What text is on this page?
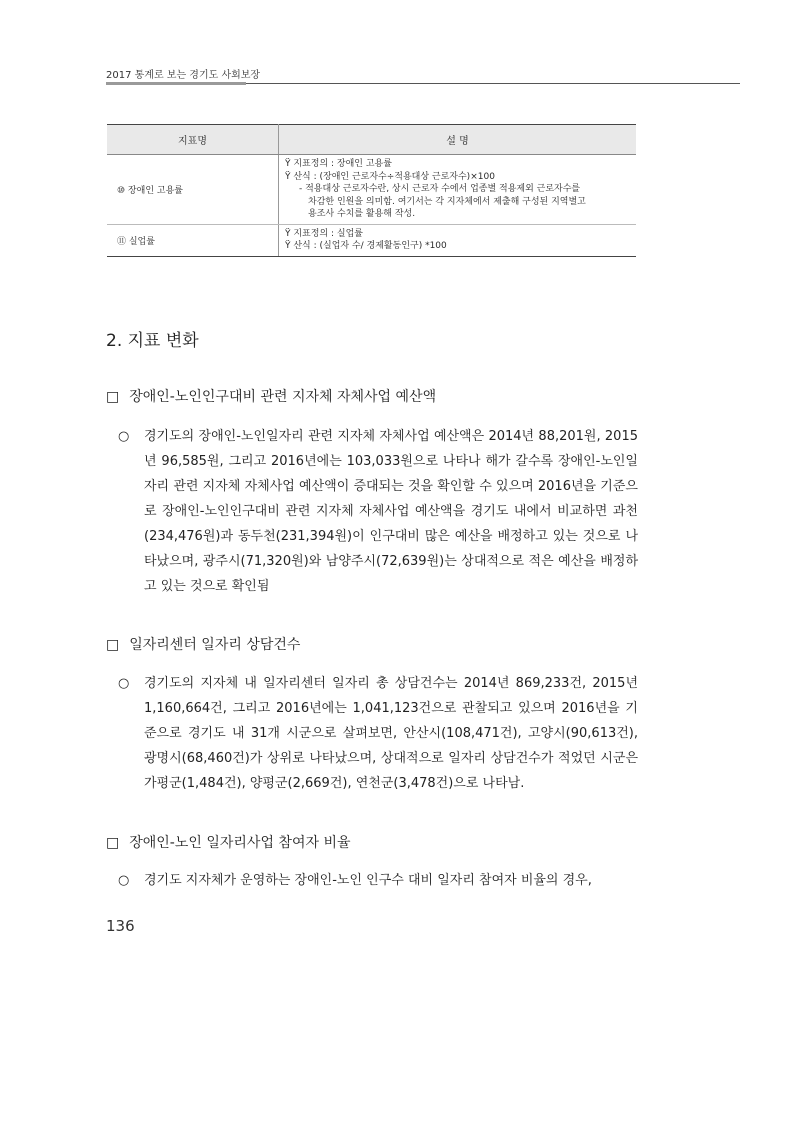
2017 통계로 보는 경기도 사회보장
지표명	설 명
⑩ 장애인 고용률	Ÿ 지표정의 : 장애인 고용률
Ÿ 산식 : (장애인 근로자수÷적용대상 근로자수)×100
- 적용대상 근로자수란, 상시 근로자 수에서 업종별 적용제외 근로자수를
차감한 인원을 의미함. 여기서는 각 지자체에서 제출해 구성된 지역별고
용조사 수치를 활용해 작성.

⑪ 실업률	Ÿ 지표정의 : 실업률
Ÿ 산식 : (실업자 수/ 경제활동인구) *100
2. 지표 변화
□ 장애인-노인인구대비 관련 지자체 자체사업 예산액
○ 경기도의 장애인-노인일자리 관련 지자체 자체사업 예산액은 2014년 88,201원, 2015년 96,585원, 그리고 2016년에는 103,033원으로 나타나 해가 갈수록 장애인-노인일자리 관련 지자체 자체사업 예산액이 증대되는 것을 확인할 수 있으며 2016년을 기준으로 장애인-노인인구대비 관련 지자체 자체사업 예산액을 경기도 내에서 비교하면 과천(234,476원)과 동두천(231,394원)이 인구대비 많은 예산을 배정하고 있는 것으로 나타났으며, 광주시(71,320원)와 남양주시(72,639원)는 상대적으로 적은 예산을 배정하고 있는 것으로 확인됨
□ 일자리센터 일자리 상담건수
○ 경기도의 지자체 내 일자리센터 일자리 총 상담건수는 2014년 869,233건, 2015년 1,160,664건, 그리고 2016년에는 1,041,123건으로 관찰되고 있으며 2016년을 기준으로 경기도 내 31개 시군으로 살펴보면, 안산시(108,471건), 고양시(90,613건), 광명시(68,460건)가 상위로 나타났으며, 상대적으로 일자리 상담건수가 적었던 시군은 가평군(1,484건), 양평군(2,669건), 연천군(3,478건)으로 나타남.
□ 장애인-노인 일자리사업 참여자 비율
○ 경기도 지자체가 운영하는 장애인-노인 인구수 대비 일자리 참여자 비율의 경우,
136
